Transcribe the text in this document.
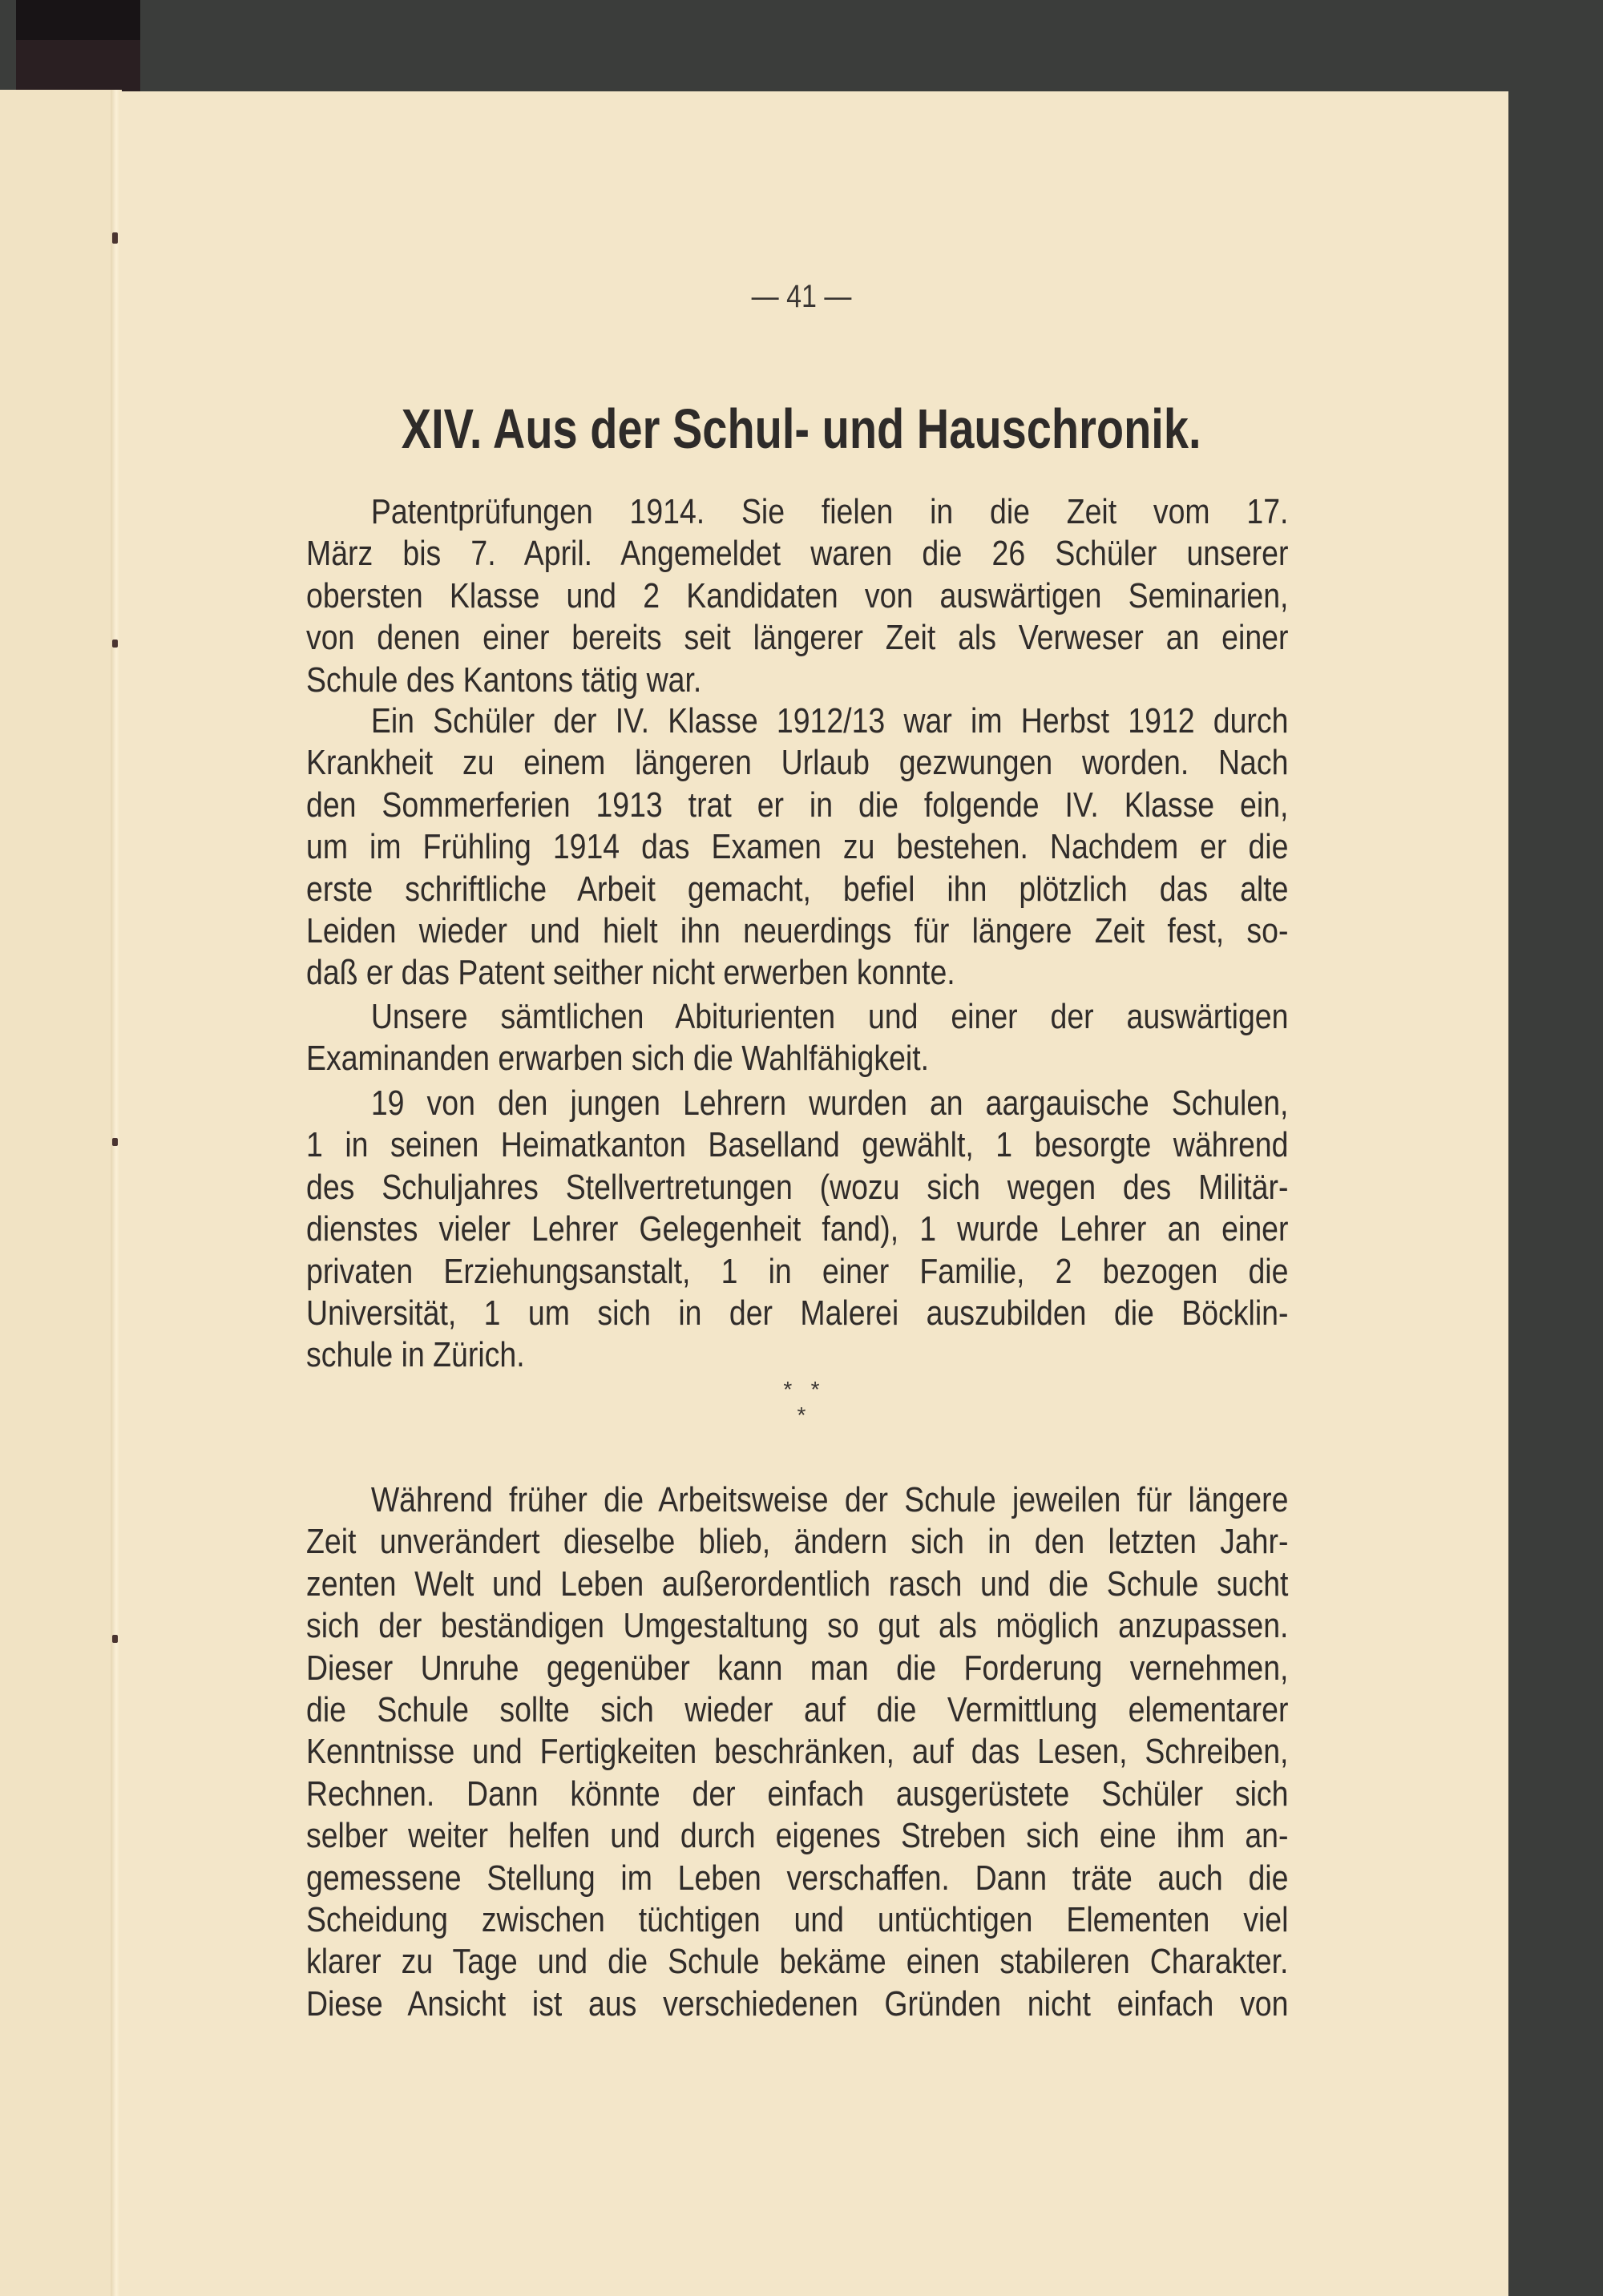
— 41 —
XIV. Aus der Schul- und Hauschronik.
Patentprüfungen 1914. Sie fielen in die Zeit vom 17.
März bis 7. April. Angemeldet waren die 26 Schüler unserer
obersten Klasse und 2 Kandidaten von auswärtigen Seminarien,
von denen einer bereits seit längerer Zeit als Verweser an einer
Schule des Kantons tätig war.
Ein Schüler der IV. Klasse 1912/13 war im Herbst 1912 durch
Krankheit zu einem längeren Urlaub gezwungen worden. Nach
den Sommerferien 1913 trat er in die folgende IV. Klasse ein,
um im Frühling 1914 das Examen zu bestehen. Nachdem er die
erste schriftliche Arbeit gemacht, befiel ihn plötzlich das alte
Leiden wieder und hielt ihn neuerdings für längere Zeit fest, so-
daß er das Patent seither nicht erwerben konnte.
Unsere sämtlichen Abiturienten und einer der auswärtigen
Examinanden erwarben sich die Wahlfähigkeit.
19 von den jungen Lehrern wurden an aargauische Schulen,
1 in seinen Heimatkanton Baselland gewählt, 1 besorgte während
des Schuljahres Stellvertretungen (wozu sich wegen des Militär-
dienstes vieler Lehrer Gelegenheit fand), 1 wurde Lehrer an einer
privaten Erziehungsanstalt, 1 in einer Familie, 2 bezogen die
Universität, 1 um sich in der Malerei auszubilden die Böcklin-
schule in Zürich.
*   *
*
Während früher die Arbeitsweise der Schule jeweilen für längere
Zeit unverändert dieselbe blieb, ändern sich in den letzten Jahr-
zenten Welt und Leben außerordentlich rasch und die Schule sucht
sich der beständigen Umgestaltung so gut als möglich anzupassen.
Dieser Unruhe gegenüber kann man die Forderung vernehmen,
die Schule sollte sich wieder auf die Vermittlung elementarer
Kenntnisse und Fertigkeiten beschränken, auf das Lesen, Schreiben,
Rechnen. Dann könnte der einfach ausgerüstete Schüler sich
selber weiter helfen und durch eigenes Streben sich eine ihm an-
gemessene Stellung im Leben verschaffen. Dann träte auch die
Scheidung zwischen tüchtigen und untüchtigen Elementen viel
klarer zu Tage und die Schule bekäme einen stabileren Charakter.
Diese Ansicht ist aus verschiedenen Gründen nicht einfach von
